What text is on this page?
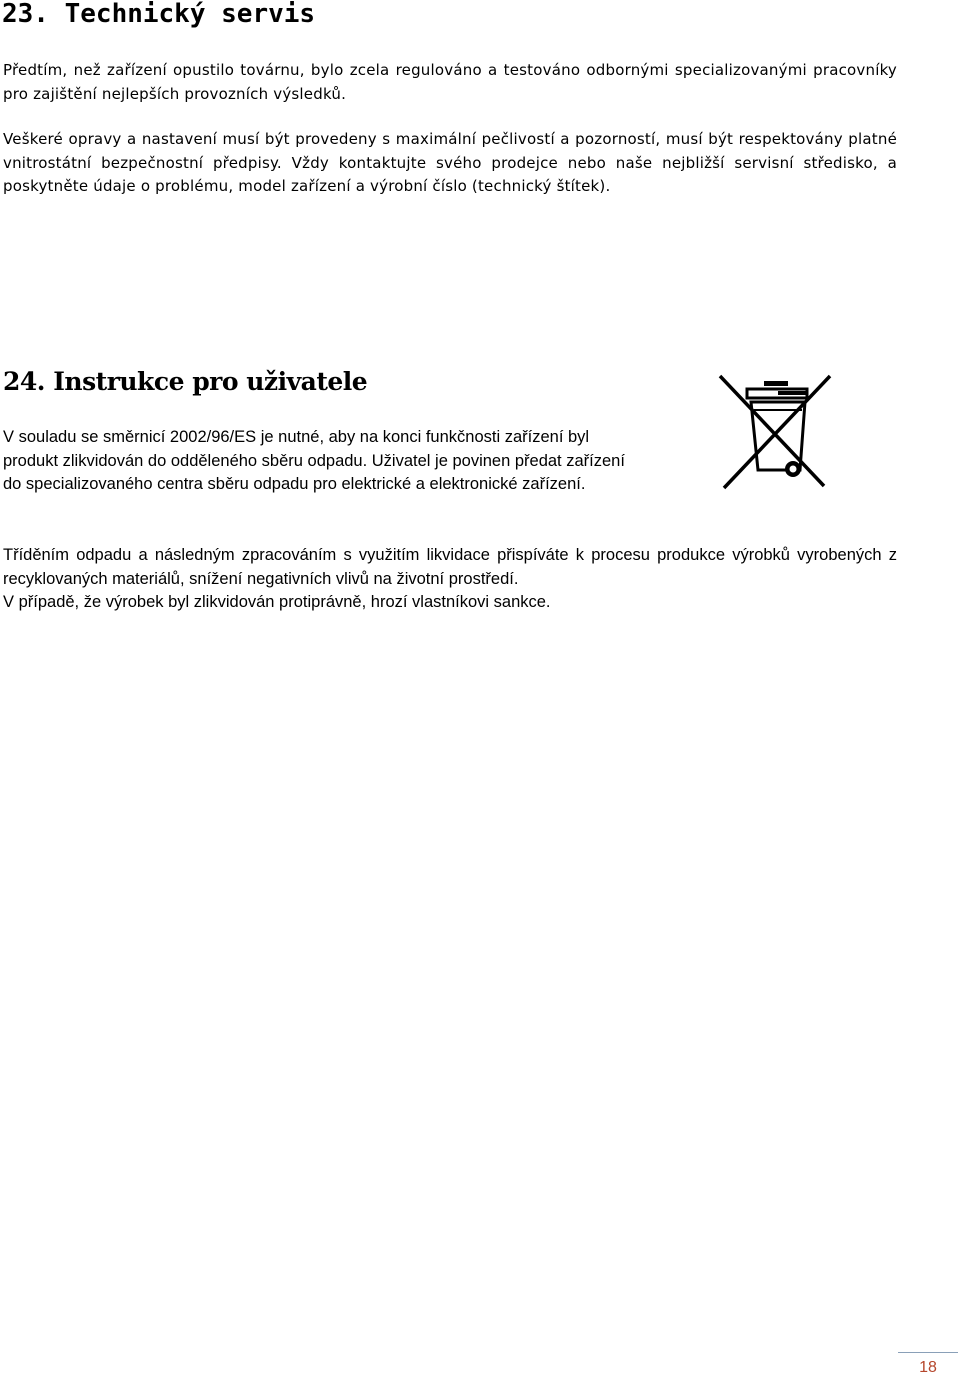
23. Technický servis

Předtím, než zařízení opustilo továrnu, bylo zcela regulováno a testováno odbornými specializovanými pracovníky pro zajištění nejlepších provozních výsledků.

Veškeré opravy a nastavení musí být provedeny s maximální pečlivostí a pozorností, musí být respektovány platné vnitrostátní bezpečnostní předpisy. Vždy kontaktujte svého prodejce nebo naše nejbližší servisní středisko, a poskytněte údaje o problému, model zařízení a výrobní číslo (technický štítek).

24. Instrukce pro uživatele

V souladu se směrnicí 2002/96/ES je nutné, aby na konci funkčnosti zařízení byl produkt zlikvidován do odděleného sběru odpadu. Uživatel je povinen předat zařízení do specializovaného centra sběru odpadu pro elektrické a elektronické zařízení.

Tříděním odpadu a následným zpracováním s využitím likvidace přispíváte k procesu produkce výrobků vyrobených z recyklovaných materiálů, snížení negativních vlivů na životní prostředí.

V případě, že výrobek byl zlikvidován protiprávně, hrozí vlastníkovi sankce.

18
